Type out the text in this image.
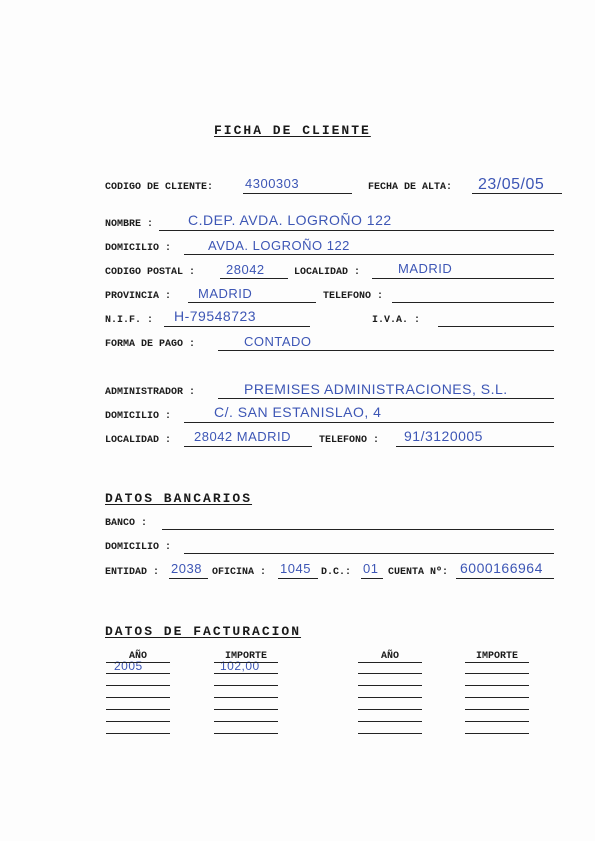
FICHA DE CLIENTE
CODIGO DE CLIENTE: 4300303	FECHA DE ALTA: 23/05/05
NOMBRE : C.DEP. AVDA. LOGROÑO 122
DOMICILIO :	AVDA. LOGROÑO 122
CODIGO POSTAL : 28042	LOCALIDAD :	MADRID
PROVINCIA : MADRID	TELEFONO :
N.I.F. : H-79548723	I.V.A. :
FORMA DE PAGO :	CONTADO
ADMINISTRADOR :	PREMISES ADMINISTRACIONES, S.L.
DOMICILIO :	C/. SAN ESTANISLAO, 4
LOCALIDAD : 28042 MADRID	TELEFONO : 91/3120005
DATOS BANCARIOS
BANCO :
DOMICILIO :
ENTIDAD : 2038 OFICINA : 1045 D.C.: 01 CUENTA Nº: 6000166964
DATOS DE FACTURACION
AÑO	IMPORTE	AÑO	IMPORTE
2005	102,00
